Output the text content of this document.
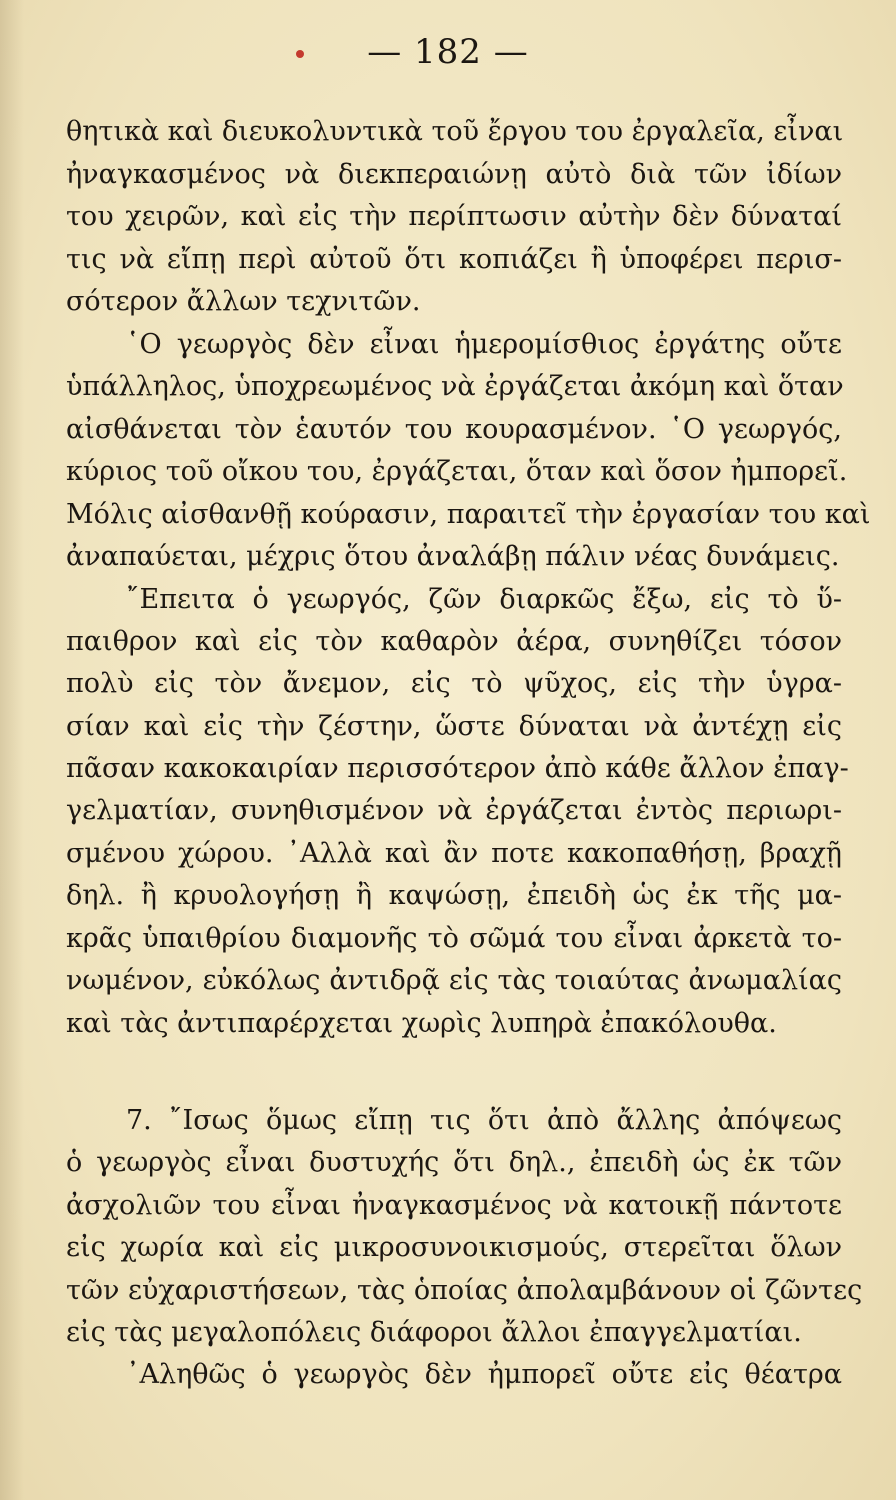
— 182 —
θητικὰ καὶ διευκολυντικὰ τοῦ ἔργου του ἐργαλεῖα, εἶναι
ἠναγκασμένος νὰ διεκπεραιώνῃ αὐτὸ διὰ τῶν ἰδίων
του χειρῶν, καὶ εἰς τὴν περίπτωσιν αὐτὴν δὲν δύναταί
τις νὰ εἴπῃ περὶ αὐτοῦ ὅτι κοπιάζει ἢ ὑποφέρει περισ-
σότερον ἄλλων τεχνιτῶν.
῾Ο γεωργὸς δὲν εἶναι ἡμερομίσθιος ἐργάτης οὔτε
ὑπάλληλος, ὑποχρεωμένος νὰ ἐργάζεται ἀκόμη καὶ ὅταν
αἰσθάνεται τὸν ἑαυτόν του κουρασμένον. ῾Ο γεωργός,
κύριος τοῦ οἴκου του, ἐργάζεται, ὅταν καὶ ὅσον ἠμπορεῖ.
Μόλις αἰσθανθῇ κούρασιν, παραιτεῖ τὴν ἐργασίαν του καὶ
ἀναπαύεται, μέχρις ὅτου ἀναλάβῃ πάλιν νέας δυνάμεις.
῎Επειτα ὁ γεωργός, ζῶν διαρκῶς ἔξω, εἰς τὸ ὕ-
παιθρον καὶ εἰς τὸν καθαρὸν ἀέρα, συνηθίζει τόσον
πολὺ εἰς τὸν ἄνεμον, εἰς τὸ ψῦχος, εἰς τὴν ὑγρα-
σίαν καὶ εἰς τὴν ζέστην, ὥστε δύναται νὰ ἀντέχῃ εἰς
πᾶσαν κακοκαιρίαν περισσότερον ἀπὸ κάθε ἄλλον ἐπαγ-
γελματίαν, συνηθισμένον νὰ ἐργάζεται ἐντὸς περιωρι-
σμένου χώρου. ᾿Αλλὰ καὶ ἂν ποτε κακοπαθήσῃ, βραχῇ
δηλ. ἢ κρυολογήσῃ ἢ καψώσῃ, ἐπειδὴ ὡς ἐκ τῆς μα-
κρᾶς ὑπαιθρίου διαμονῆς τὸ σῶμά του εἶναι ἀρκετὰ το-
νωμένον, εὐκόλως ἀντιδρᾷ εἰς τὰς τοιαύτας ἀνωμαλίας
καὶ τὰς ἀντιπαρέρχεται χωρὶς λυπηρὰ ἐπακόλουθα.
7. ῎Ισως ὅμως εἴπῃ τις ὅτι ἀπὸ ἄλλης ἀπόψεως
ὁ γεωργὸς εἶναι δυστυχής ὅτι δηλ., ἐπειδὴ ὡς ἐκ τῶν
ἀσχολιῶν του εἶναι ἠναγκασμένος νὰ κατοικῇ πάντοτε
εἰς χωρία καὶ εἰς μικροσυνοικισμούς, στερεῖται ὅλων
τῶν εὐχαριστήσεων, τὰς ὁποίας ἀπολαμβάνουν οἱ ζῶντες
εἰς τὰς μεγαλοπόλεις διάφοροι ἄλλοι ἐπαγγελματίαι.
᾿Αληθῶς ὁ γεωργὸς δὲν ἠμπορεῖ οὔτε εἰς θέατρα
